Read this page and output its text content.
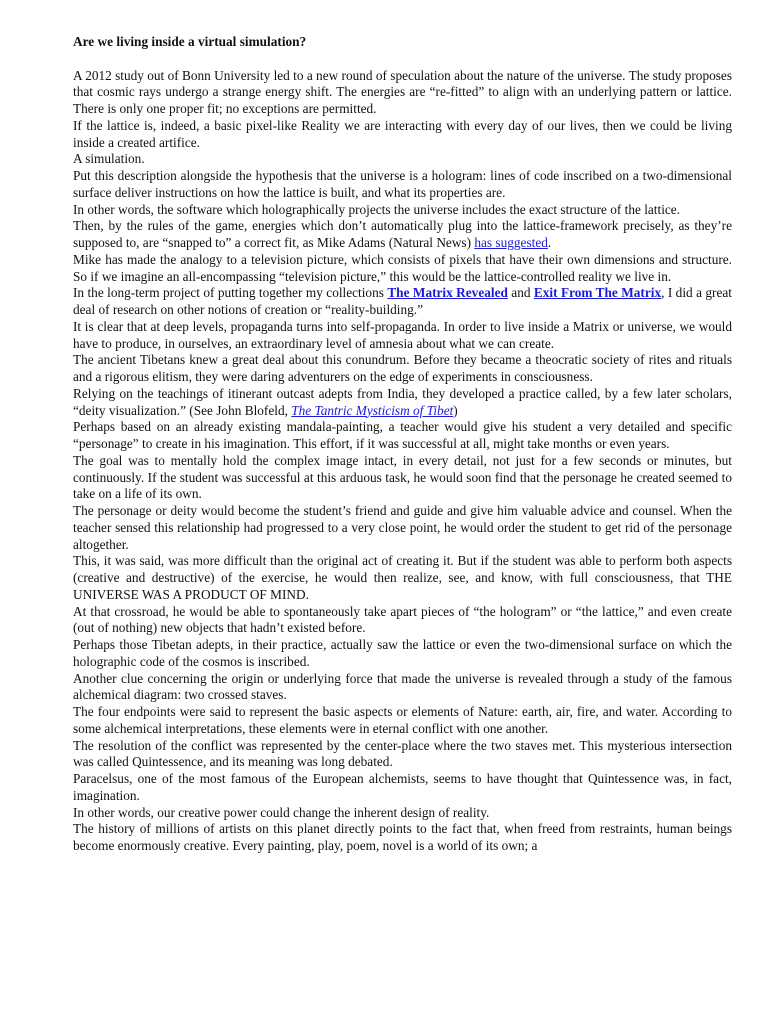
Are we living inside a virtual simulation?

A 2012 study out of Bonn University led to a new round of speculation about the nature of the universe. The study proposes that cosmic rays undergo a strange energy shift. The energies are “re-fitted” to align with an underlying pattern or lattice. There is only one proper fit; no exceptions are permitted.

If the lattice is, indeed, a basic pixel-like Reality we are interacting with every day of our lives, then we could be living inside a created artifice.

A simulation.

Put this description alongside the hypothesis that the universe is a hologram: lines of code inscribed on a two-dimensional surface deliver instructions on how the lattice is built, and what its properties are.

In other words, the software which holographically projects the universe includes the exact structure of the lattice.

Then, by the rules of the game, energies which don’t automatically plug into the lattice-framework precisely, as they’re supposed to, are “snapped to” a correct fit, as Mike Adams (Natural News) has suggested.

Mike has made the analogy to a television picture, which consists of pixels that have their own dimensions and structure. So if we imagine an all-encompassing “television picture,” this would be the lattice-controlled reality we live in.

In the long-term project of putting together my collections The Matrix Revealed and Exit From The Matrix, I did a great deal of research on other notions of creation or “reality-building.”

It is clear that at deep levels, propaganda turns into self-propaganda. In order to live inside a Matrix or universe, we would have to produce, in ourselves, an extraordinary level of amnesia about what we can create.

The ancient Tibetans knew a great deal about this conundrum. Before they became a theocratic society of rites and rituals and a rigorous elitism, they were daring adventurers on the edge of experiments in consciousness.

Relying on the teachings of itinerant outcast adepts from India, they developed a practice called, by a few later scholars, “deity visualization.” (See John Blofeld, The Tantric Mysticism of Tibet)

Perhaps based on an already existing mandala-painting, a teacher would give his student a very detailed and specific “personage” to create in his imagination. This effort, if it was successful at all, might take months or even years.

The goal was to mentally hold the complex image intact, in every detail, not just for a few seconds or minutes, but continuously. If the student was successful at this arduous task, he would soon find that the personage he created seemed to take on a life of its own.

The personage or deity would become the student’s friend and guide and give him valuable advice and counsel. When the teacher sensed this relationship had progressed to a very close point, he would order the student to get rid of the personage altogether.

This, it was said, was more difficult than the original act of creating it. But if the student was able to perform both aspects (creative and destructive) of the exercise, he would then realize, see, and know, with full consciousness, that THE UNIVERSE WAS A PRODUCT OF MIND.

At that crossroad, he would be able to spontaneously take apart pieces of “the hologram” or “the lattice,” and even create (out of nothing) new objects that hadn’t existed before.

Perhaps those Tibetan adepts, in their practice, actually saw the lattice or even the two-dimensional surface on which the holographic code of the cosmos is inscribed.

Another clue concerning the origin or underlying force that made the universe is revealed through a study of the famous alchemical diagram: two crossed staves.

The four endpoints were said to represent the basic aspects or elements of Nature: earth, air, fire, and water. According to some alchemical interpretations, these elements were in eternal conflict with one another.

The resolution of the conflict was represented by the center-place where the two staves met. This mysterious intersection was called Quintessence, and its meaning was long debated.

Paracelsus, one of the most famous of the European alchemists, seems to have thought that Quintessence was, in fact, imagination.

In other words, our creative power could change the inherent design of reality.

The history of millions of artists on this planet directly points to the fact that, when freed from restraints, human beings become enormously creative. Every painting, play, poem, novel is a world of its own; a
